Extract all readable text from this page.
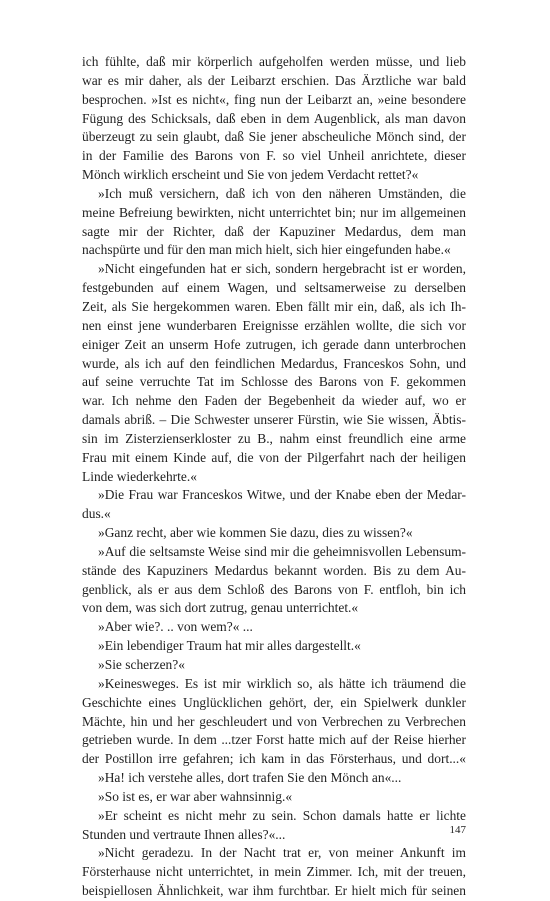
ich fühlte, daß mir körperlich aufgeholfen werden müsse, und lieb
war es mir daher, als der Leibarzt erschien. Das Ärztliche war bald
besprochen. »Ist es nicht«, fing nun der Leibarzt an, »eine besondere
Fügung des Schicksals, daß eben in dem Augenblick, als man davon
überzeugt zu sein glaubt, daß Sie jener abscheuliche Mönch sind, der
in der Familie des Barons von F. so viel Unheil anrichtete, dieser
Mönch wirklich erscheint und Sie von jedem Verdacht rettet?«
»Ich muß versichern, daß ich von den näheren Umständen, die
meine Befreiung bewirkten, nicht unterrichtet bin; nur im allgemeinen
sagte mir der Richter, daß der Kapuziner Medardus, dem man
nachspürte und für den man mich hielt, sich hier eingefunden habe.«
»Nicht eingefunden hat er sich, sondern hergebracht ist er worden,
festgebunden auf einem Wagen, und seltsamerweise zu derselben
Zeit, als Sie hergekommen waren. Eben fällt mir ein, daß, als ich Ih-
nen einst jene wunderbaren Ereignisse erzählen wollte, die sich vor
einiger Zeit an unserm Hofe zutrugen, ich gerade dann unterbrochen
wurde, als ich auf den feindlichen Medardus, Franceskos Sohn, und
auf seine verruchte Tat im Schlosse des Barons von F. gekommen
war. Ich nehme den Faden der Begebenheit da wieder auf, wo er
damals abriß. – Die Schwester unserer Fürstin, wie Sie wissen, Äbtis-
sin im Zisterzienserkloster zu B., nahm einst freundlich eine arme
Frau mit einem Kinde auf, die von der Pilgerfahrt nach der heiligen
Linde wiederkehrte.«
»Die Frau war Franceskos Witwe, und der Knabe eben der Medar-
dus.«
»Ganz recht, aber wie kommen Sie dazu, dies zu wissen?«
»Auf die seltsamste Weise sind mir die geheimnisvollen Lebensum-
stände des Kapuziners Medardus bekannt worden. Bis zu dem Au-
genblick, als er aus dem Schloß des Barons von F. entfloh, bin ich
von dem, was sich dort zutrug, genau unterrichtet.«
»Aber wie?. .. von wem?« ...
»Ein lebendiger Traum hat mir alles dargestellt.«
»Sie scherzen?«
»Keinesweges. Es ist mir wirklich so, als hätte ich träumend die
Geschichte eines Unglücklichen gehört, der, ein Spielwerk dunkler
Mächte, hin und her geschleudert und von Verbrechen zu Verbrechen
getrieben wurde. In dem ...tzer Forst hatte mich auf der Reise hierher
der Postillon irre gefahren; ich kam in das Försterhaus, und dort...«
»Ha! ich verstehe alles, dort trafen Sie den Mönch an«...
»So ist es, er war aber wahnsinnig.«
»Er scheint es nicht mehr zu sein. Schon damals hatte er lichte
Stunden und vertraute Ihnen alles?«...
»Nicht geradezu. In der Nacht trat er, von meiner Ankunft im
Försterhause nicht unterrichtet, in mein Zimmer. Ich, mit der treuen,
beispiellosen Ähnlichkeit, war ihm furchtbar. Er hielt mich für seinen
147
